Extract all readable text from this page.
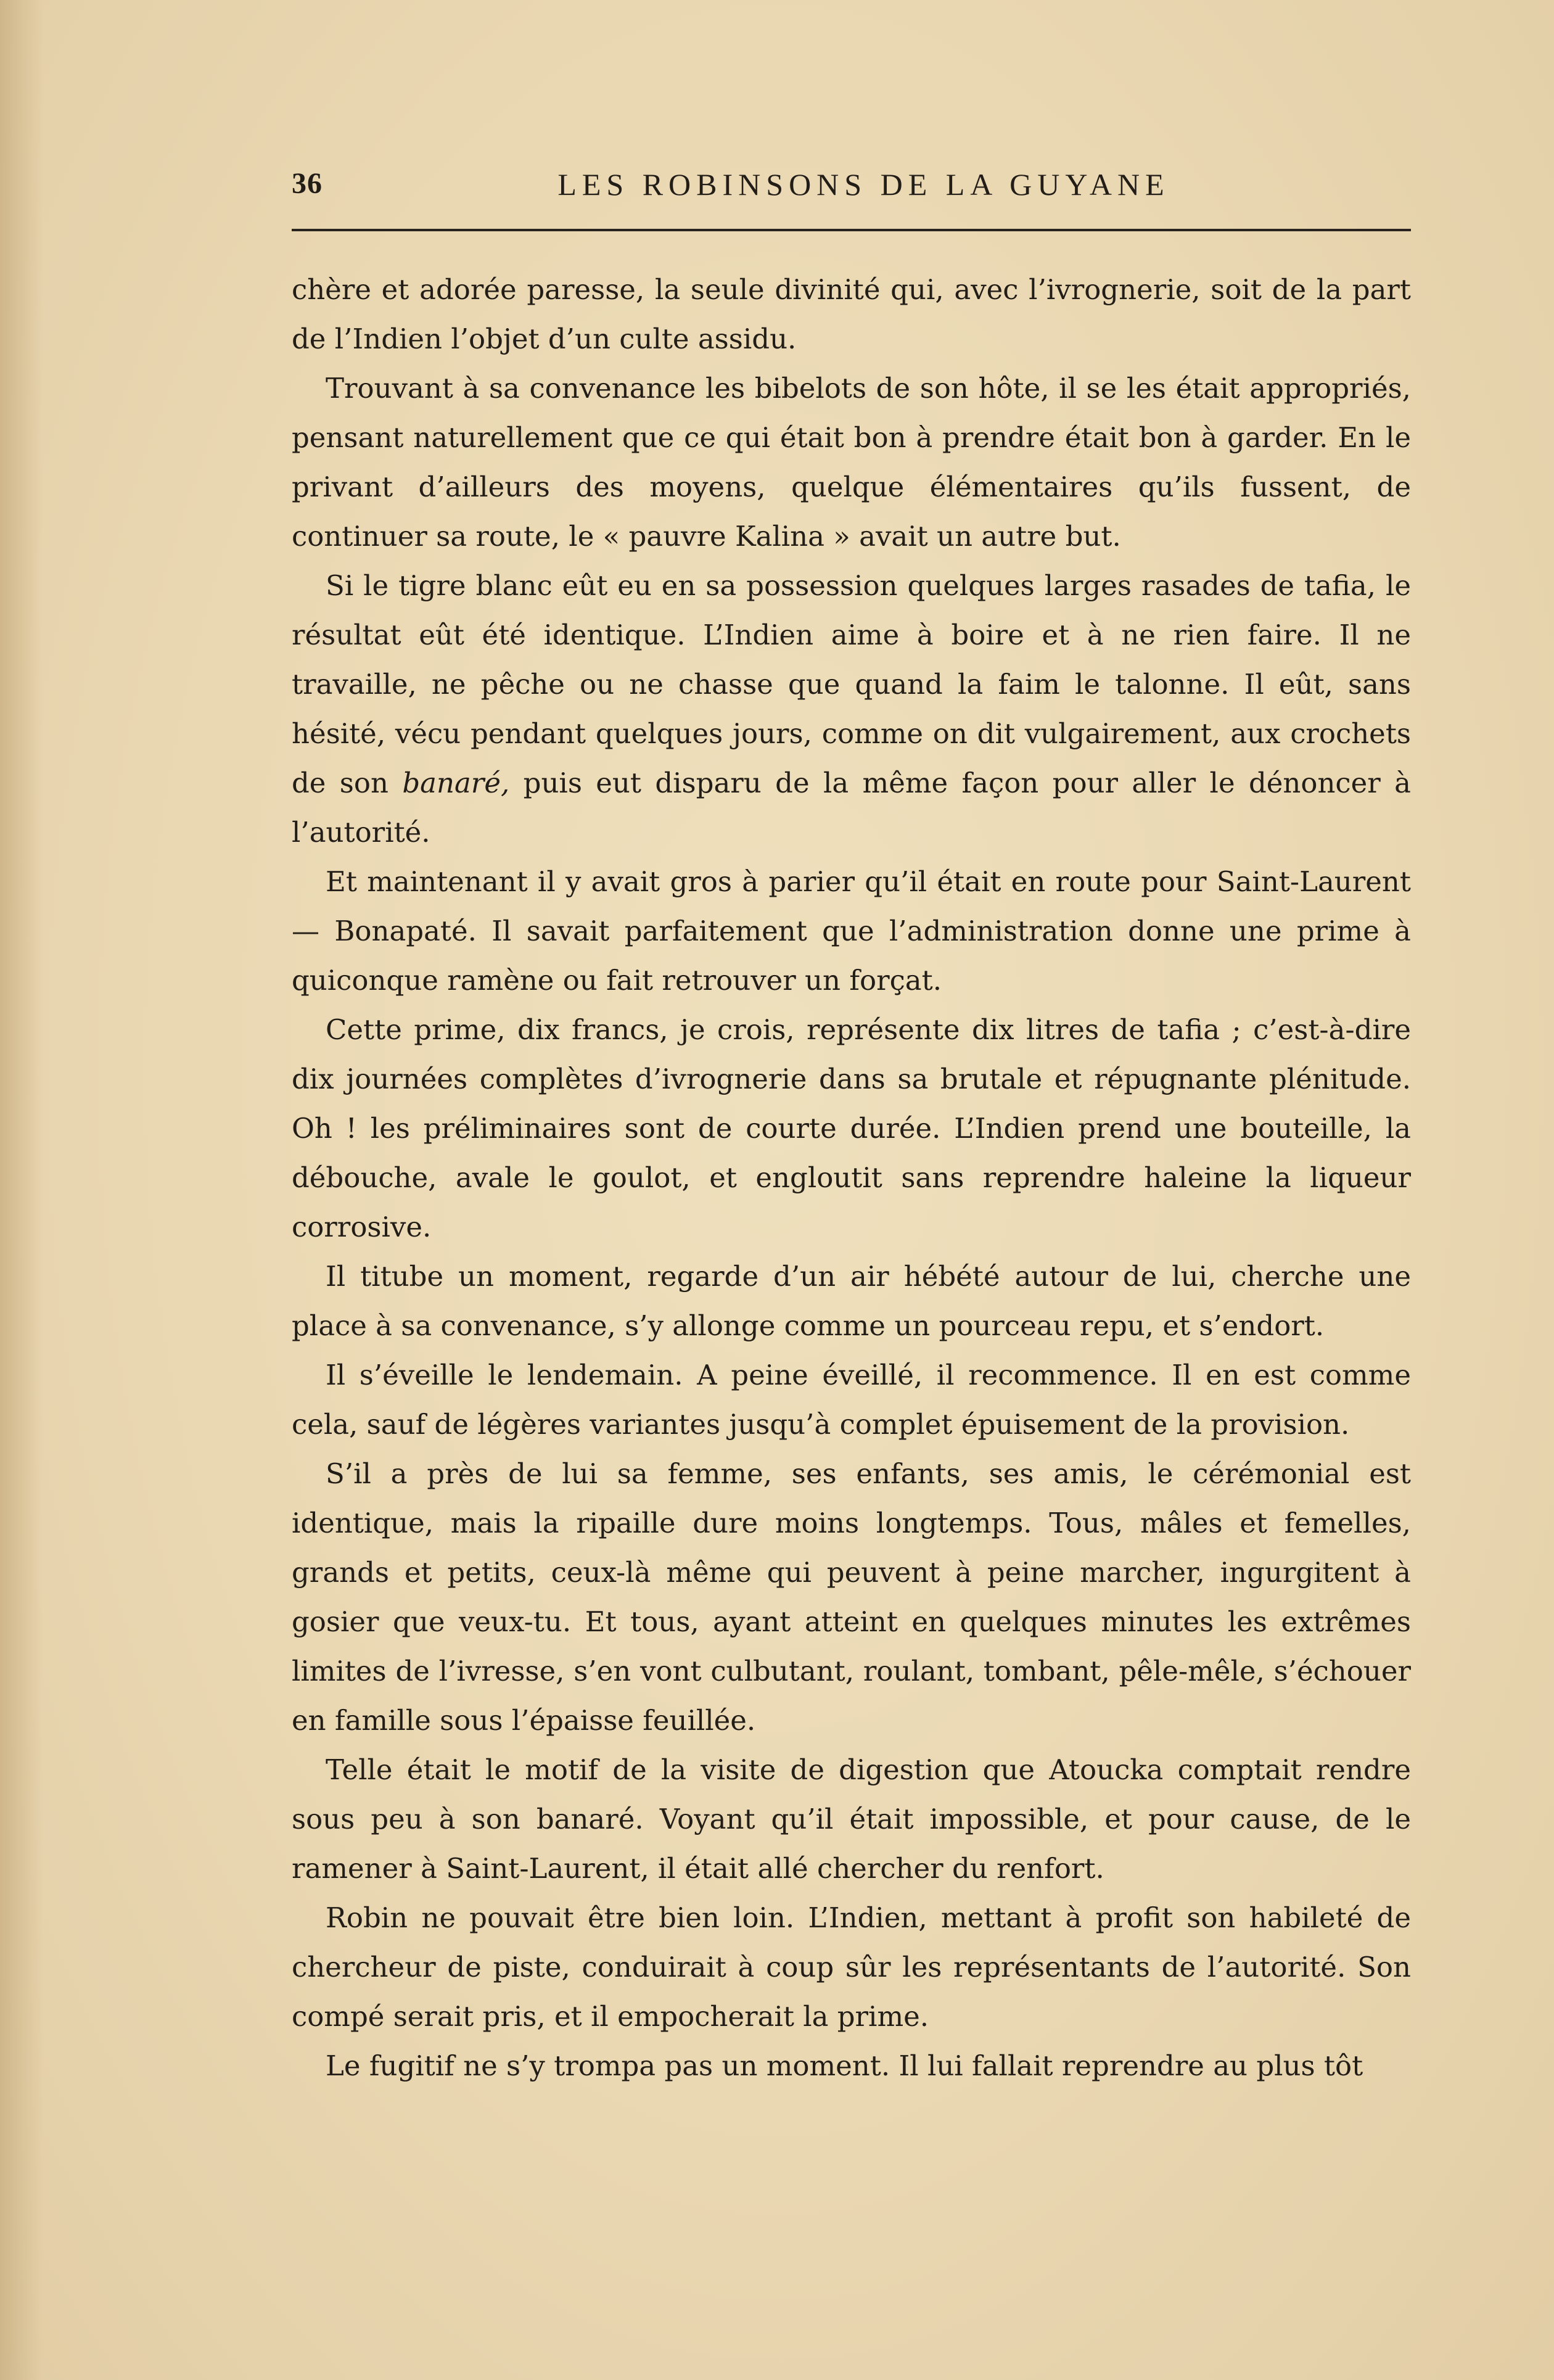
36	LES ROBINSONS DE LA GUYANE

chère et adorée paresse, la seule divinité qui, avec l’ivrognerie, soit de la part de l’Indien l’objet d’un culte assidu.

Trouvant à sa convenance les bibelots de son hôte, il se les était appropriés, pensant naturellement que ce qui était bon à prendre était bon à garder. En le privant d’ailleurs des moyens, quelque élémentaires qu’ils fussent, de continuer sa route, le « pauvre Kalina » avait un autre but.

Si le tigre blanc eût eu en sa possession quelques larges rasades de tafia, le résultat eût été identique. L’Indien aime à boire et à ne rien faire. Il ne travaille, ne pêche ou ne chasse que quand la faim le talonne. Il eût, sans hésité, vécu pendant quelques jours, comme on dit vulgairement, aux crochets de son banaré, puis eut disparu de la même façon pour aller le dénoncer à l’autorité.

Et maintenant il y avait gros à parier qu’il était en route pour Saint-Laurent — Bonapaté. Il savait parfaitement que l’administration donne une prime à quiconque ramène ou fait retrouver un forçat.

Cette prime, dix francs, je crois, représente dix litres de tafia ; c’est-à-dire dix journées complètes d’ivrognerie dans sa brutale et répugnante plénitude. Oh ! les préliminaires sont de courte durée. L’Indien prend une bouteille, la débouche, avale le goulot, et engloutit sans reprendre haleine la liqueur corrosive.

Il titube un moment, regarde d’un air hébété autour de lui, cherche une place à sa convenance, s’y allonge comme un pourceau repu, et s’endort.

Il s’éveille le lendemain. A peine éveillé, il recommence. Il en est comme cela, sauf de légères variantes jusqu’à complet épuisement de la provision.

S’il a près de lui sa femme, ses enfants, ses amis, le cérémonial est identique, mais la ripaille dure moins longtemps. Tous, mâles et femelles, grands et petits, ceux-là même qui peuvent à peine marcher, ingurgitent à gosier que veux-tu. Et tous, ayant atteint en quelques minutes les extrêmes limites de l’ivresse, s’en vont culbutant, roulant, tombant, pêle-mêle, s’échouer en famille sous l’épaisse feuillée.

Telle était le motif de la visite de digestion que Atoucka comptait rendre sous peu à son banaré. Voyant qu’il était impossible, et pour cause, de le ramener à Saint-Laurent, il était allé chercher du renfort.

Robin ne pouvait être bien loin. L’Indien, mettant à profit son habileté de chercheur de piste, conduirait à coup sûr les représentants de l’autorité. Son compé serait pris, et il empocherait la prime.

Le fugitif ne s’y trompa pas un moment. Il lui fallait reprendre au plus tôt
